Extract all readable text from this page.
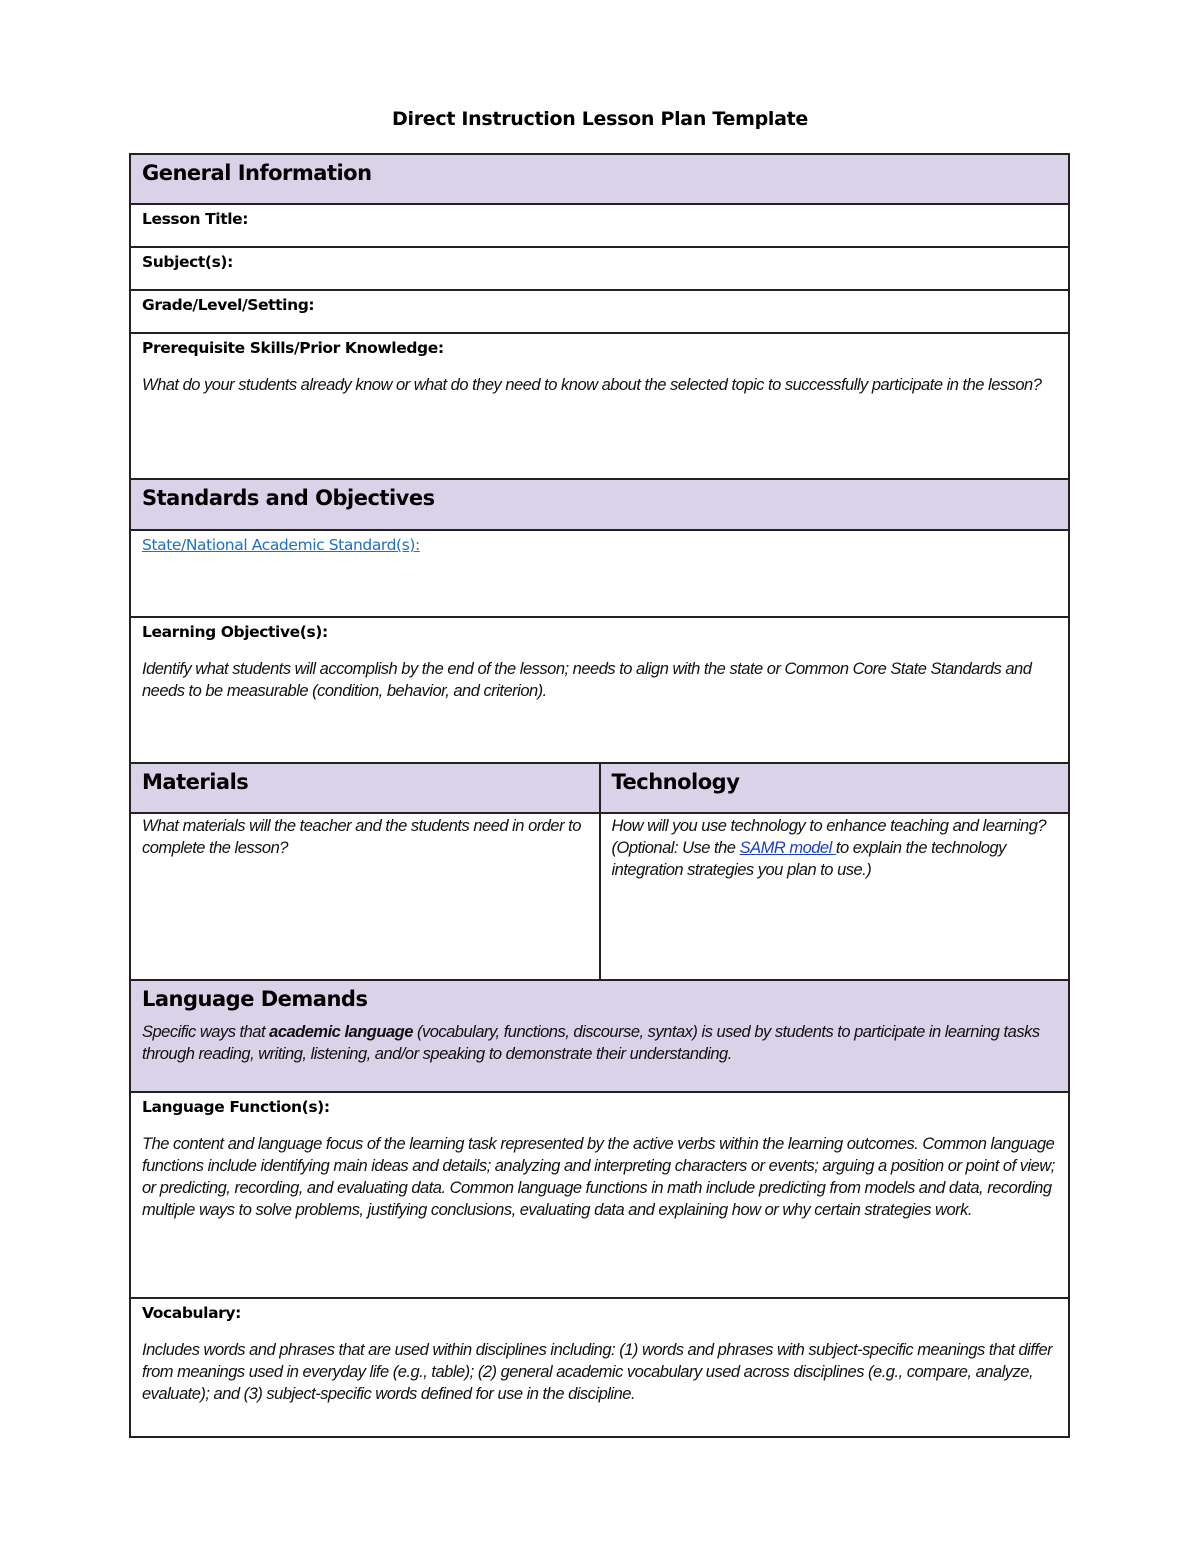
Direct Instruction Lesson Plan Template
General Information	

Lesson Title:	

Subject(s):	

Grade/Level/Setting:	

Prerequisite Skills/Prior Knowledge:
What do your students already know or what do they need to know about the selected topic to successfully participate in the lesson?	

Standards and Objectives	

State/National Academic Standard(s):	

Learning Objective(s):
Identify what students will accomplish by the end of the lesson; needs to align with the state or Common Core State Standards and needs to be measurable (condition, behavior, and criterion).	

Materials	Technology

What materials will the teacher and the students need in order to complete the lesson?	How will you use technology to enhance teaching and learning? (Optional: Use the SAMR model to explain the technology integration strategies you plan to use.)

Language Demands
Specific ways that academic language (vocabulary, functions, discourse, syntax) is used by students to participate in learning tasks through reading, writing, listening, and/or speaking to demonstrate their understanding.	

Language Function(s):
The content and language focus of the learning task represented by the active verbs within the learning outcomes. Common language functions include identifying main ideas and details; analyzing and interpreting characters or events; arguing a position or point of view; or predicting, recording, and evaluating data. Common language functions in math include predicting from models and data, recording multiple ways to solve problems, justifying conclusions, evaluating data and explaining how or why certain strategies work.	

Vocabulary:
Includes words and phrases that are used within disciplines including: (1) words and phrases with subject-specific meanings that differ from meanings used in everyday life (e.g., table); (2) general academic vocabulary used across disciplines (e.g., compare, analyze, evaluate); and (3) subject-specific words defined for use in the discipline.	
